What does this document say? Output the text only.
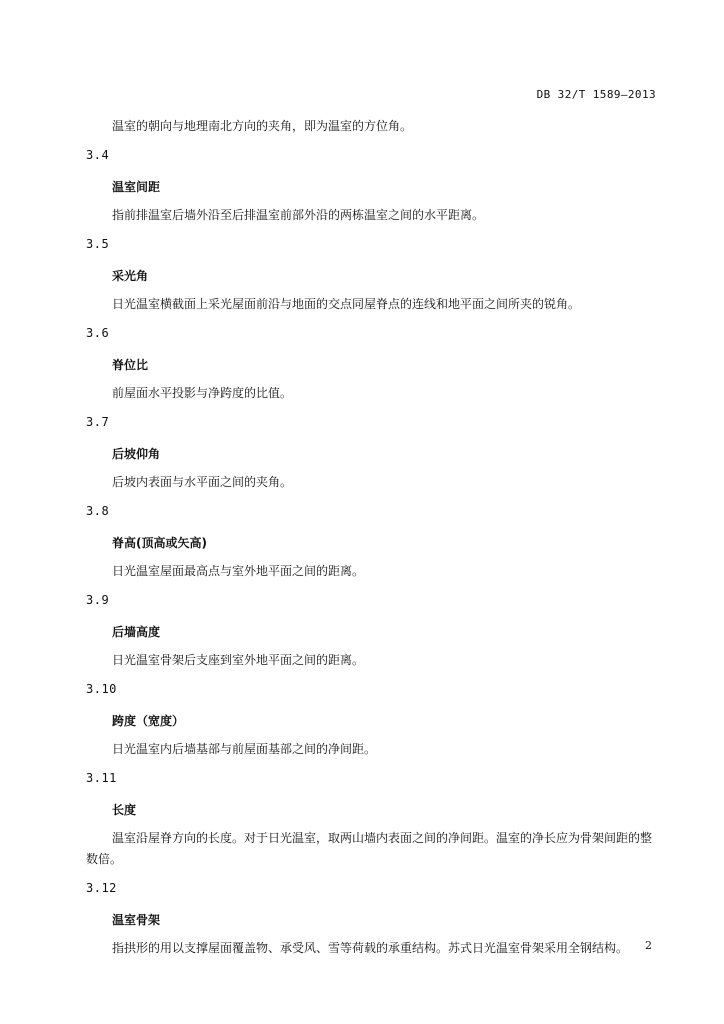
DB 32/T 1589—2013

温室的朝向与地理南北方向的夹角，即为温室的方位角。

3.4
温室间距
指前排温室后墙外沿至后排温室前部外沿的两栋温室之间的水平距离。
3.5
采光角
日光温室横截面上采光屋面前沿与地面的交点同屋脊点的连线和地平面之间所夹的锐角。
3.6
脊位比
前屋面水平投影与净跨度的比值。
3.7
后坡仰角
后坡内表面与水平面之间的夹角。
3.8
脊高(顶高或矢高)
日光温室屋面最高点与室外地平面之间的距离。
3.9
后墙高度
日光温室骨架后支座到室外地平面之间的距离。
3.10
跨度（宽度）
日光温室内后墙基部与前屋面基部之间的净间距。
3.11
长度
温室沿屋脊方向的长度。对于日光温室，取两山墙内表面之间的净间距。温室的净长应为骨架间距的整数倍。
3.12
温室骨架
指拱形的用以支撑屋面覆盖物、承受风、雪等荷载的承重结构。苏式日光温室骨架采用全钢结构。	2
